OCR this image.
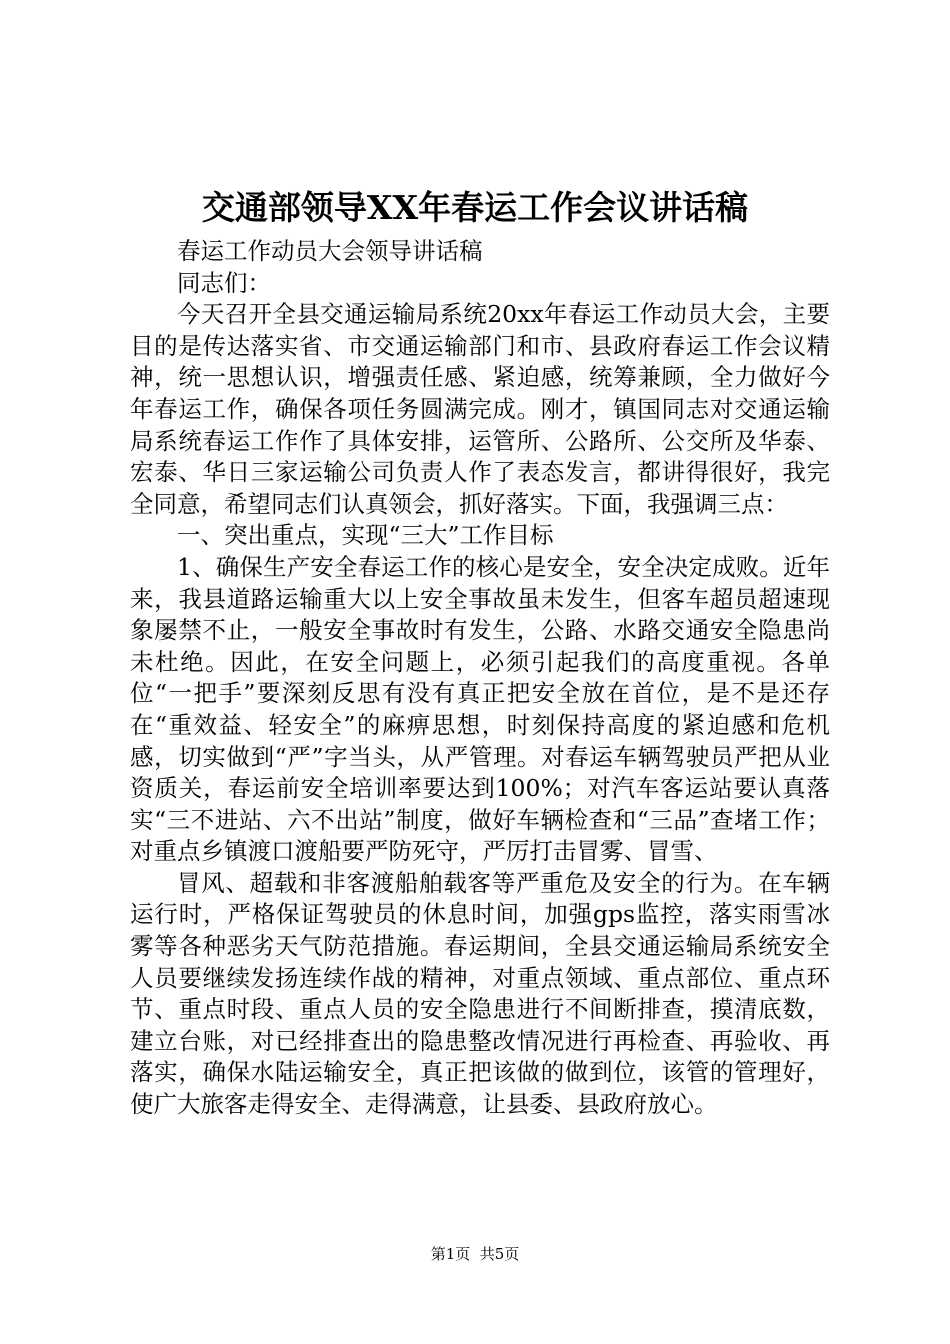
交通部领导XX年春运工作会议讲话稿

春运工作动员大会领导讲话稿

同志们：

今天召开全县交通运输局系统20xx年春运工作动员大会，主要目的是传达落实省、市交通运输部门和市、县政府春运工作会议精神，统一思想认识，增强责任感、紧迫感，统筹兼顾，全力做好今年春运工作，确保各项任务圆满完成。刚才，镇国同志对交通运输局系统春运工作作了具体安排，运管所、公路所、公交所及华泰、宏泰、华日三家运输公司负责人作了表态发言，都讲得很好，我完全同意，希望同志们认真领会，抓好落实。下面，我强调三点：

一、突出重点，实现“三大”工作目标

1、确保生产安全春运工作的核心是安全，安全决定成败。近年来，我县道路运输重大以上安全事故虽未发生，但客车超员超速现象屡禁不止，一般安全事故时有发生，公路、水路交通安全隐患尚未杜绝。因此，在安全问题上，必须引起我们的高度重视。各单位“一把手”要深刻反思有没有真正把安全放在首位，是不是还存在“重效益、轻安全”的麻痹思想，时刻保持高度的紧迫感和危机感，切实做到“严”字当头，从严管理。对春运车辆驾驶员严把从业资质关，春运前安全培训率要达到100%；对汽车客运站要认真落实“三不进站、六不出站”制度，做好车辆检查和“三品”查堵工作；对重点乡镇渡口渡船要严防死守，严厉打击冒雾、冒雪、

冒风、超载和非客渡船舶载客等严重危及安全的行为。在车辆运行时，严格保证驾驶员的休息时间，加强gps监控，落实雨雪冰雾等各种恶劣天气防范措施。春运期间，全县交通运输局系统安全人员要继续发扬连续作战的精神，对重点领域、重点部位、重点环节、重点时段、重点人员的安全隐患进行不间断排查，摸清底数，建立台账，对已经排查出的隐患整改情况进行再检查、再验收、再落实，确保水陆运输安全，真正把该做的做到位，该管的管理好，使广大旅客走得安全、走得满意，让县委、县政府放心。

第1页  共5页
